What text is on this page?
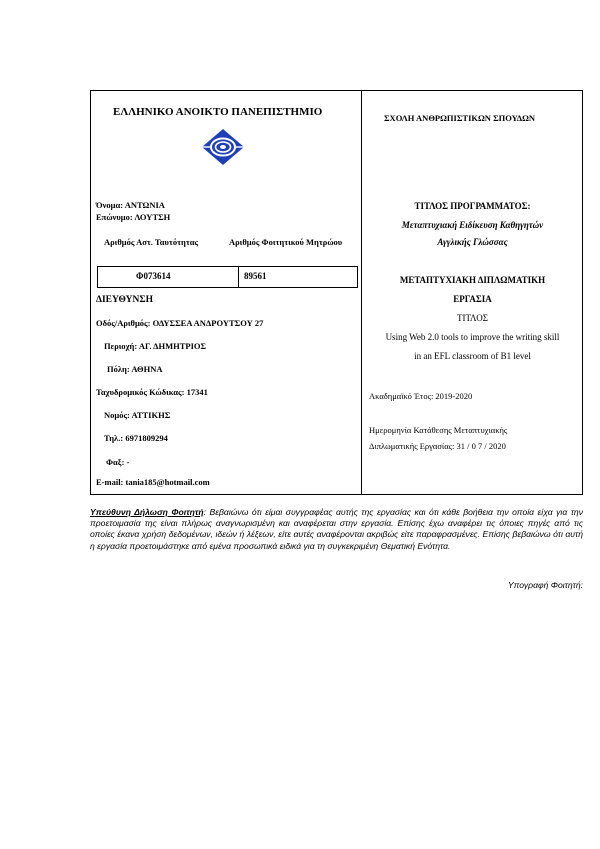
ΕΛΛΗΝΙΚΟ ΑΝΟΙΚΤΟ ΠΑΝΕΠΙΣΤΗΜΙΟ
Όνομα: ΑΝΤΩΝΙΑ
Επώνυμο: ΛΟΥΤΣΗ
Αριθμός Αστ. Ταυτότητας	Αριθμός Φοιτητικού Μητρώου
Φ073614	89561
ΔΙΕΥΘΥΝΣΗ
Οδός/Αριθμός: ΟΔΥΣΣΕΑ ΑΝΔΡΟΥΤΣΟΥ 27
Περιοχή: ΑΓ. ΔΗΜΗΤΡΙΟΣ
Πόλη: ΑΘΗΝΑ
Ταχυδρομικός Κώδικας: 17341
Νομός: ΑΤΤΙΚΗΣ
Τηλ.: 6971809294
Φαξ: -
E-mail: tania185@hotmail.com
ΣΧΟΛΗ ΑΝΘΡΩΠΙΣΤΙΚΩΝ ΣΠΟΥΔΩΝ
ΤΙΤΛΟΣ ΠΡΟΓΡΑΜΜΑΤΟΣ:
Μεταπτυχιακή Ειδίκευση Καθηγητών
Αγγλικής Γλώσσας
ΜΕΤΑΠΤΥΧΙΑΚΗ ΔΙΠΛΩΜΑΤΙΚΗ
ΕΡΓΑΣΙΑ
ΤΙΤΛΟΣ
Using Web 2.0 tools to improve the writing skill
in an EFL classroom of B1 level
Ακαδημαϊκό Έτος: 2019-2020
Ημερομηνία Κατάθεσης Μεταπτυχιακής
Διπλωματικής Εργασίας: 31 / 0 7 / 2020
Υπεύθυνη Δήλωση Φοιτητή: Βεβαιώνω ότι είμαι συγγραφέας αυτής της εργασίας και ότι κάθε βοήθεια την οποία είχα για την προετοιμασία της είναι πλήρως αναγνωρισμένη και αναφέρεται στην εργασία. Επίσης έχω αναφέρει τις όποιες πηγές από τις οποίες έκανα χρήση δεδομένων, ιδεών ή λέξεων, είτε αυτές αναφέρονται ακριβώς είτε παραφρασμένες. Επίσης βεβαιώνω ότι αυτή η εργασία προετοιμάστηκε από εμένα προσωπικά ειδικά για τη συγκεκριμένη Θεματική Ενότητα.
Υπογραφή Φοιτητή:
